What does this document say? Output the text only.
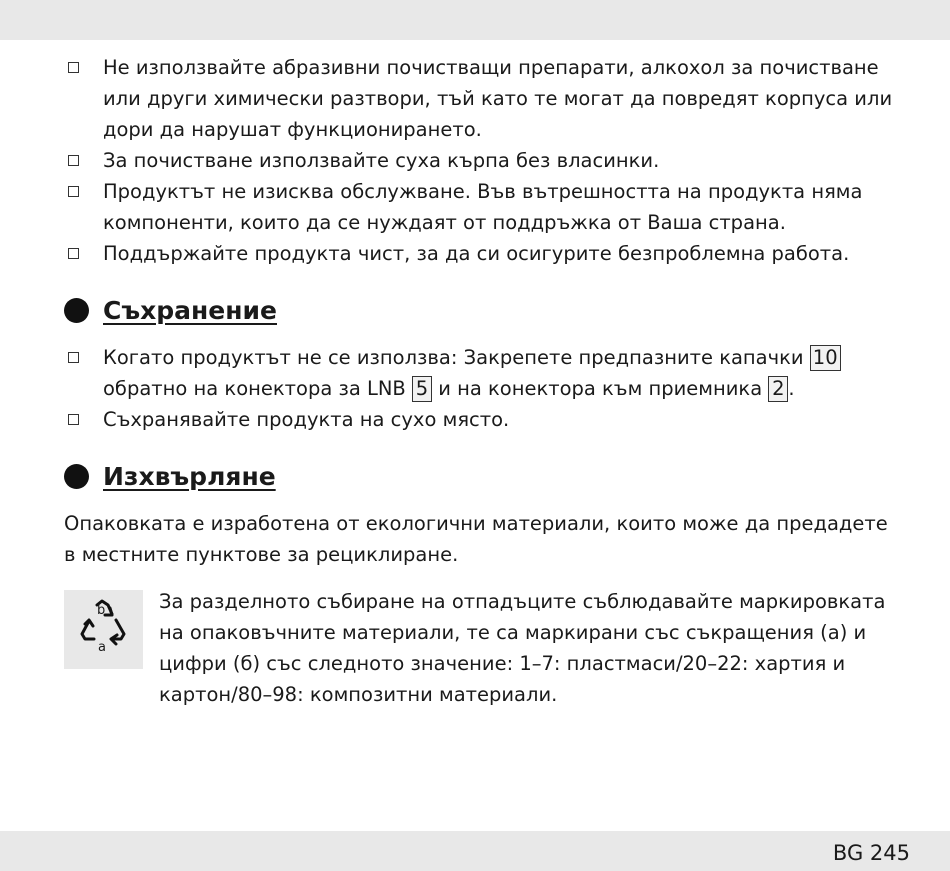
Не използвайте абразивни почистващи препарати, алкохол за почистване или други химически разтвори, тъй като те могат да повредят корпуса или дори да нарушат функционирането.
За почистване използвайте суха кърпа без власинки.
Продуктът не изисква обслужване. Във вътрешността на продукта няма компоненти, които да се нуждаят от поддръжка от Ваша страна.
Поддържайте продукта чист, за да си осигурите безпроблемна работа.
Съхранение
Когато продуктът не се използва: Закрепете предпазните капачки 10 обратно на конектора за LNB 5 и на конектора към приемника 2 .
Съхранявайте продукта на сухо място.
Изхвърляне

Опаковката е изработена от екологични материали, които може да предадете в местните пунктове за рециклиране.

b
a

За разделното събиране на отпадъците съблюдавайте маркировката на опаковъчните материали, те са маркирани със съкращения (а) и цифри (б) със следното значение: 1–7: пластмаси/20–22: хартия и картон/80–98: композитни материали.

BG 245
